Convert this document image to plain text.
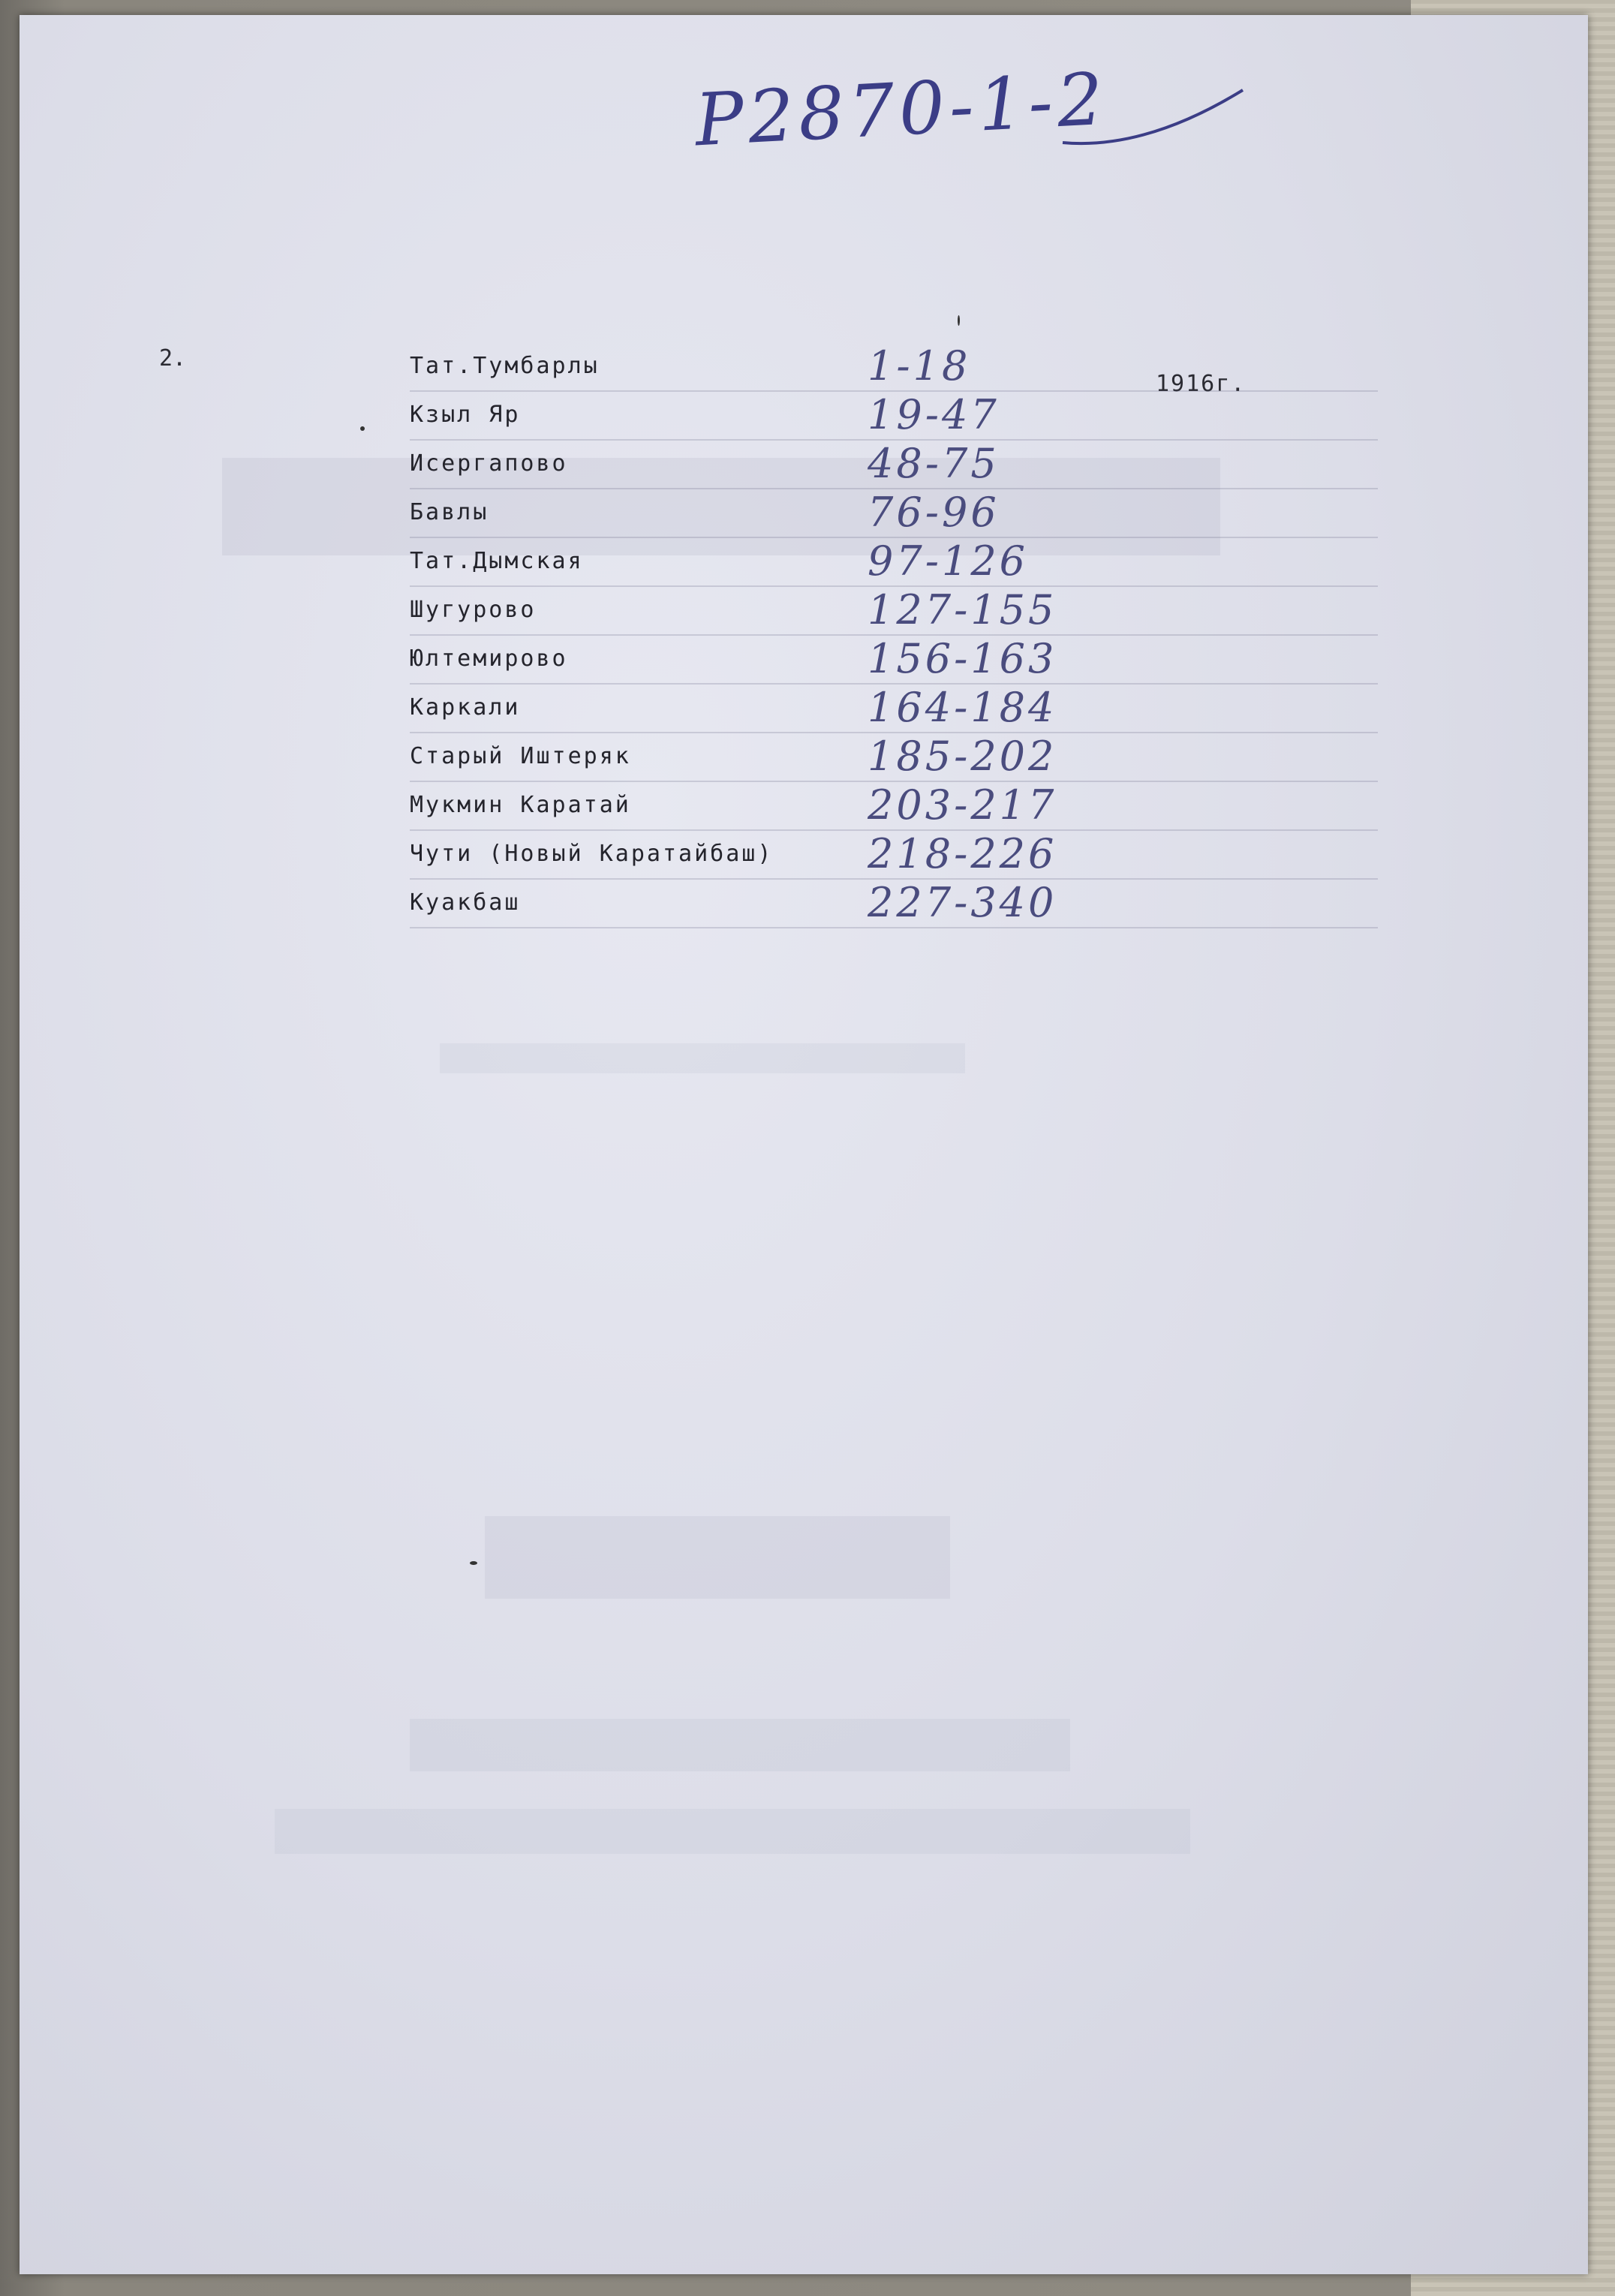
P2870-1-2
2.
1916г.
Тат.Тумбарлы	1-18
Кзыл Яр	19-47
Исергапово	48-75
Бавлы	76-96
Тат.Дымская	97-126
Шугурово	127-155
Юлтемирово	156-163
Каркали	164-184
Старый Иштеряк	185-202
Мукмин Каратай	203-217
Чути (Новый Каратайбаш) 218-226
Куакбаш	227-340
